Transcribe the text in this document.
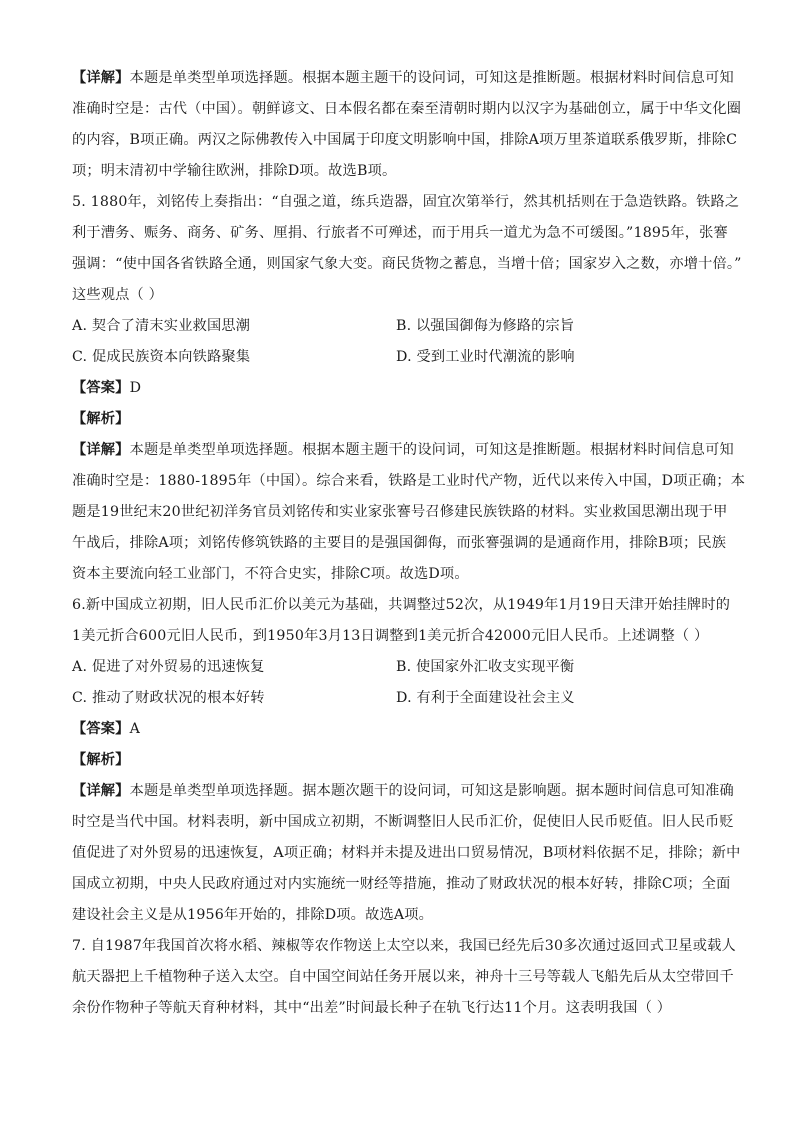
【详解】本题是单类型单项选择题。根据本题主题干的设问词，可知这是推断题。根据材料时间信息可知
准确时空是：古代（中国）。朝鲜谚文、日本假名都在秦至清朝时期内以汉字为基础创立，属于中华文化圈
的内容，B项正确。两汉之际佛教传入中国属于印度文明影响中国，排除A项万里茶道联系俄罗斯，排除C
项；明末清初中学输往欧洲，排除D项。故选B项。
5. 1880年，刘铭传上奏指出：“自强之道，练兵造器，固宜次第举行，然其机括则在于急造铁路。铁路之
利于漕务、赈务、商务、矿务、厘捐、行旅者不可殚述，而于用兵一道尤为急不可缓图。”1895年，张謇
强调：“使中国各省铁路全通，则国家气象大变。商民货物之蓄息，当增十倍；国家岁入之数，亦增十倍。”
这些观点（ ）
A. 契合了清末实业救国思潮	B. 以强国御侮为修路的宗旨
C. 促成民族资本向铁路聚集	D. 受到工业时代潮流的影响
【答案】D
【解析】
【详解】本题是单类型单项选择题。根据本题主题干的设问词，可知这是推断题。根据材料时间信息可知
准确时空是：1880-1895年（中国）。综合来看，铁路是工业时代产物，近代以来传入中国，D项正确；本
题是19世纪末20世纪初洋务官员刘铭传和实业家张謇号召修建民族铁路的材料。实业救国思潮出现于甲
午战后，排除A项；刘铭传修筑铁路的主要目的是强国御侮，而张謇强调的是通商作用，排除B项；民族
资本主要流向轻工业部门，不符合史实，排除C项。故选D项。
6.新中国成立初期，旧人民币汇价以美元为基础，共调整过52次，从1949年1月19日天津开始挂牌时的
1美元折合600元旧人民币，到1950年3月13日调整到1美元折合42000元旧人民币。上述调整（ ）
A. 促进了对外贸易的迅速恢复	B. 使国家外汇收支实现平衡
C. 推动了财政状况的根本好转	D. 有利于全面建设社会主义
【答案】A
【解析】
【详解】本题是单类型单项选择题。据本题次题干的设问词，可知这是影响题。据本题时间信息可知准确
时空是当代中国。材料表明，新中国成立初期，不断调整旧人民币汇价，促使旧人民币贬值。旧人民币贬
值促进了对外贸易的迅速恢复，A项正确；材料并未提及进出口贸易情况，B项材料依据不足，排除；新中
国成立初期，中央人民政府通过对内实施统一财经等措施，推动了财政状况的根本好转，排除C项；全面
建设社会主义是从1956年开始的，排除D项。故选A项。
7. 自1987年我国首次将水稻、辣椒等农作物送上太空以来，我国已经先后30多次通过返回式卫星或载人
航天器把上千植物种子送入太空。自中国空间站任务开展以来，神舟十三号等载人飞船先后从太空带回千
余份作物种子等航天育种材料，其中“出差”时间最长种子在轨飞行达11个月。这表明我国（ ）
